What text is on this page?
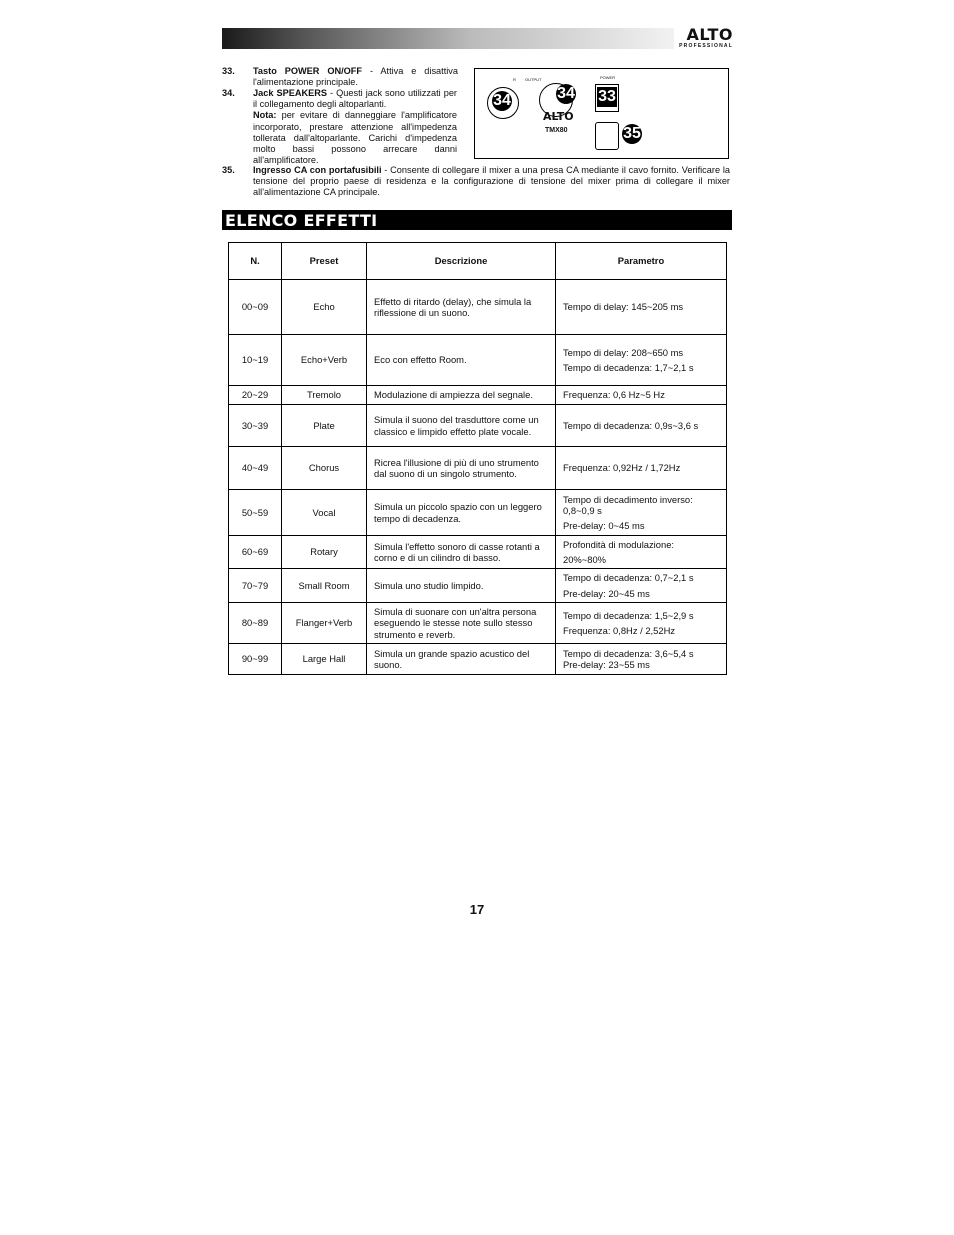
ALTO
PROFESSIONAL
33. Tasto POWER ON/OFF - Attiva e disattiva l'alimentazione principale.
34. Jack SPEAKERS - Questi jack sono utilizzati per il collegamento degli altoparlanti.
Nota: per evitare di danneggiare l'amplificatore incorporato, prestare attenzione all'impedenza tollerata dall'altoparlante. Carichi d'impedenza molto bassi possono arrecare danni all'amplificatore.
35. Ingresso CA con portafusibili - Consente di collegare il mixer a una presa CA mediante il cavo fornito. Verificare la tensione del proprio paese di residenza e la configurazione di tensione del mixer prima di collegare il mixer all'alimentazione CA principale.
R OUTPUT	POWER
34	34 33
ALTO
TMX80	35
ELENCO EFFETTI
N.	Preset	Descrizione	Parametro
00~09	Echo	Effetto di ritardo (delay), che simula la riflessione di un suono.	Tempo di delay: 145~205 ms

10~19	Echo+Verb	Eco con effetto Room.	Tempo di delay: 208~650 ms
Tempo di decadenza: 1,7~2,1 s

20~29	Tremolo	Modulazione di ampiezza del segnale.	Frequenza: 0,6 Hz~5 Hz

30~39	Plate	Simula il suono del trasduttore come un classico e limpido effetto plate vocale.	Tempo di decadenza: 0,9s~3,6 s

40~49	Chorus	Ricrea l'illusione di più di uno strumento dal suono di un singolo strumento.	Frequenza: 0,92Hz / 1,72Hz

50~59	Vocal	Simula un piccolo spazio con un leggero tempo di decadenza.	Tempo di decadimento inverso: 0,8~0,9 s
Pre-delay: 0~45 ms

60~69	Rotary	Simula l'effetto sonoro di casse rotanti a corno e di un cilindro di basso.	Profondità di modulazione:
20%~80%

70~79	Small Room	Simula uno studio limpido.	Tempo di decadenza: 0,7~2,1 s
Pre-delay: 20~45 ms

80~89	Flanger+Verb	Simula di suonare con un'altra persona eseguendo le stesse note sullo stesso strumento e reverb.	Tempo di decadenza: 1,5~2,9 s
Frequenza: 0,8Hz / 2,52Hz

90~99	Large Hall	Simula un grande spazio acustico del suono.	Tempo di decadenza: 3,6~5,4 s
Pre-delay: 23~55 ms
17
